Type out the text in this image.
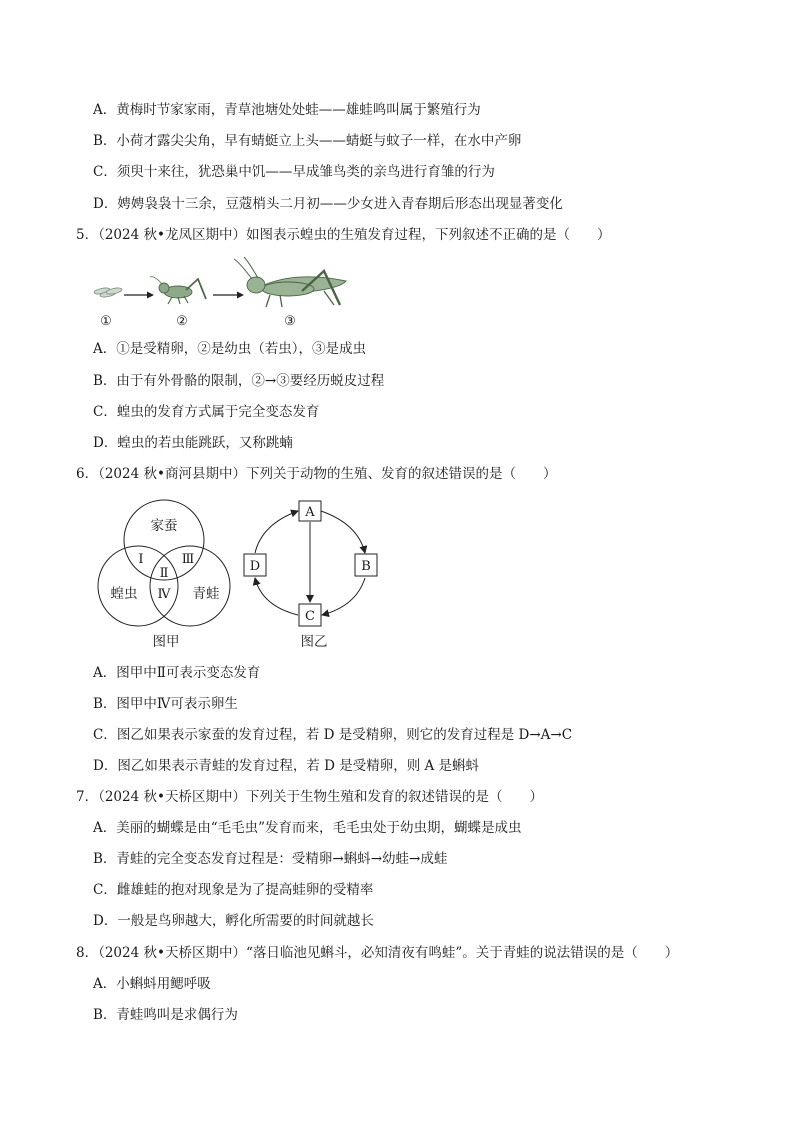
A．黄梅时节家家雨，青草池塘处处蛙——雄蛙鸣叫属于繁殖行为
B．小荷才露尖尖角，早有蜻蜓立上头——蜻蜓与蚊子一样，在水中产卵
C．须臾十来往，犹恐巢中饥——早成雏鸟类的亲鸟进行育雏的行为
D．娉娉袅袅十三余，豆蔻梢头二月初——少女进入青春期后形态出现显著变化
5．（2024 秋•龙凤区期中）如图表示蝗虫的生殖发育过程，下列叙述不正确的是（　　）
①	②	③
A．①是受精卵，②是幼虫（若虫），③是成虫
B．由于有外骨骼的限制，②→③要经历蜕皮过程
C．蝗虫的发育方式属于完全变态发育
D．蝗虫的若虫能跳跃，又称跳蝻
6．（2024 秋•商河县期中）下列关于动物的生殖、发育的叙述错误的是（　　）
家蚕
蝗虫	青蛙
Ⅰ
Ⅱ
Ⅲ
Ⅳ
图甲
A
B
C
D
图乙
A．图甲中Ⅱ可表示变态发育
B．图甲中Ⅳ可表示卵生
C．图乙如果表示家蚕的发育过程，若 D 是受精卵，则它的发育过程是 D→A→C
D．图乙如果表示青蛙的发育过程，若 D 是受精卵，则 A 是蝌蚪
7．（2024 秋•天桥区期中）下列关于生物生殖和发育的叙述错误的是（　　）
A．美丽的蝴蝶是由“毛毛虫”发育而来，毛毛虫处于幼虫期，蝴蝶是成虫
B．青蛙的完全变态发育过程是：受精卵→蝌蚪→幼蛙→成蛙
C．雌雄蛙的抱对现象是为了提高蛙卵的受精率
D．一般是鸟卵越大，孵化所需要的时间就越长
8．（2024 秋•天桥区期中）“落日临池见蝌斗，必知清夜有鸣蛙”。关于青蛙的说法错误的是（　　）
A．小蝌蚪用鳃呼吸
B．青蛙鸣叫是求偶行为
